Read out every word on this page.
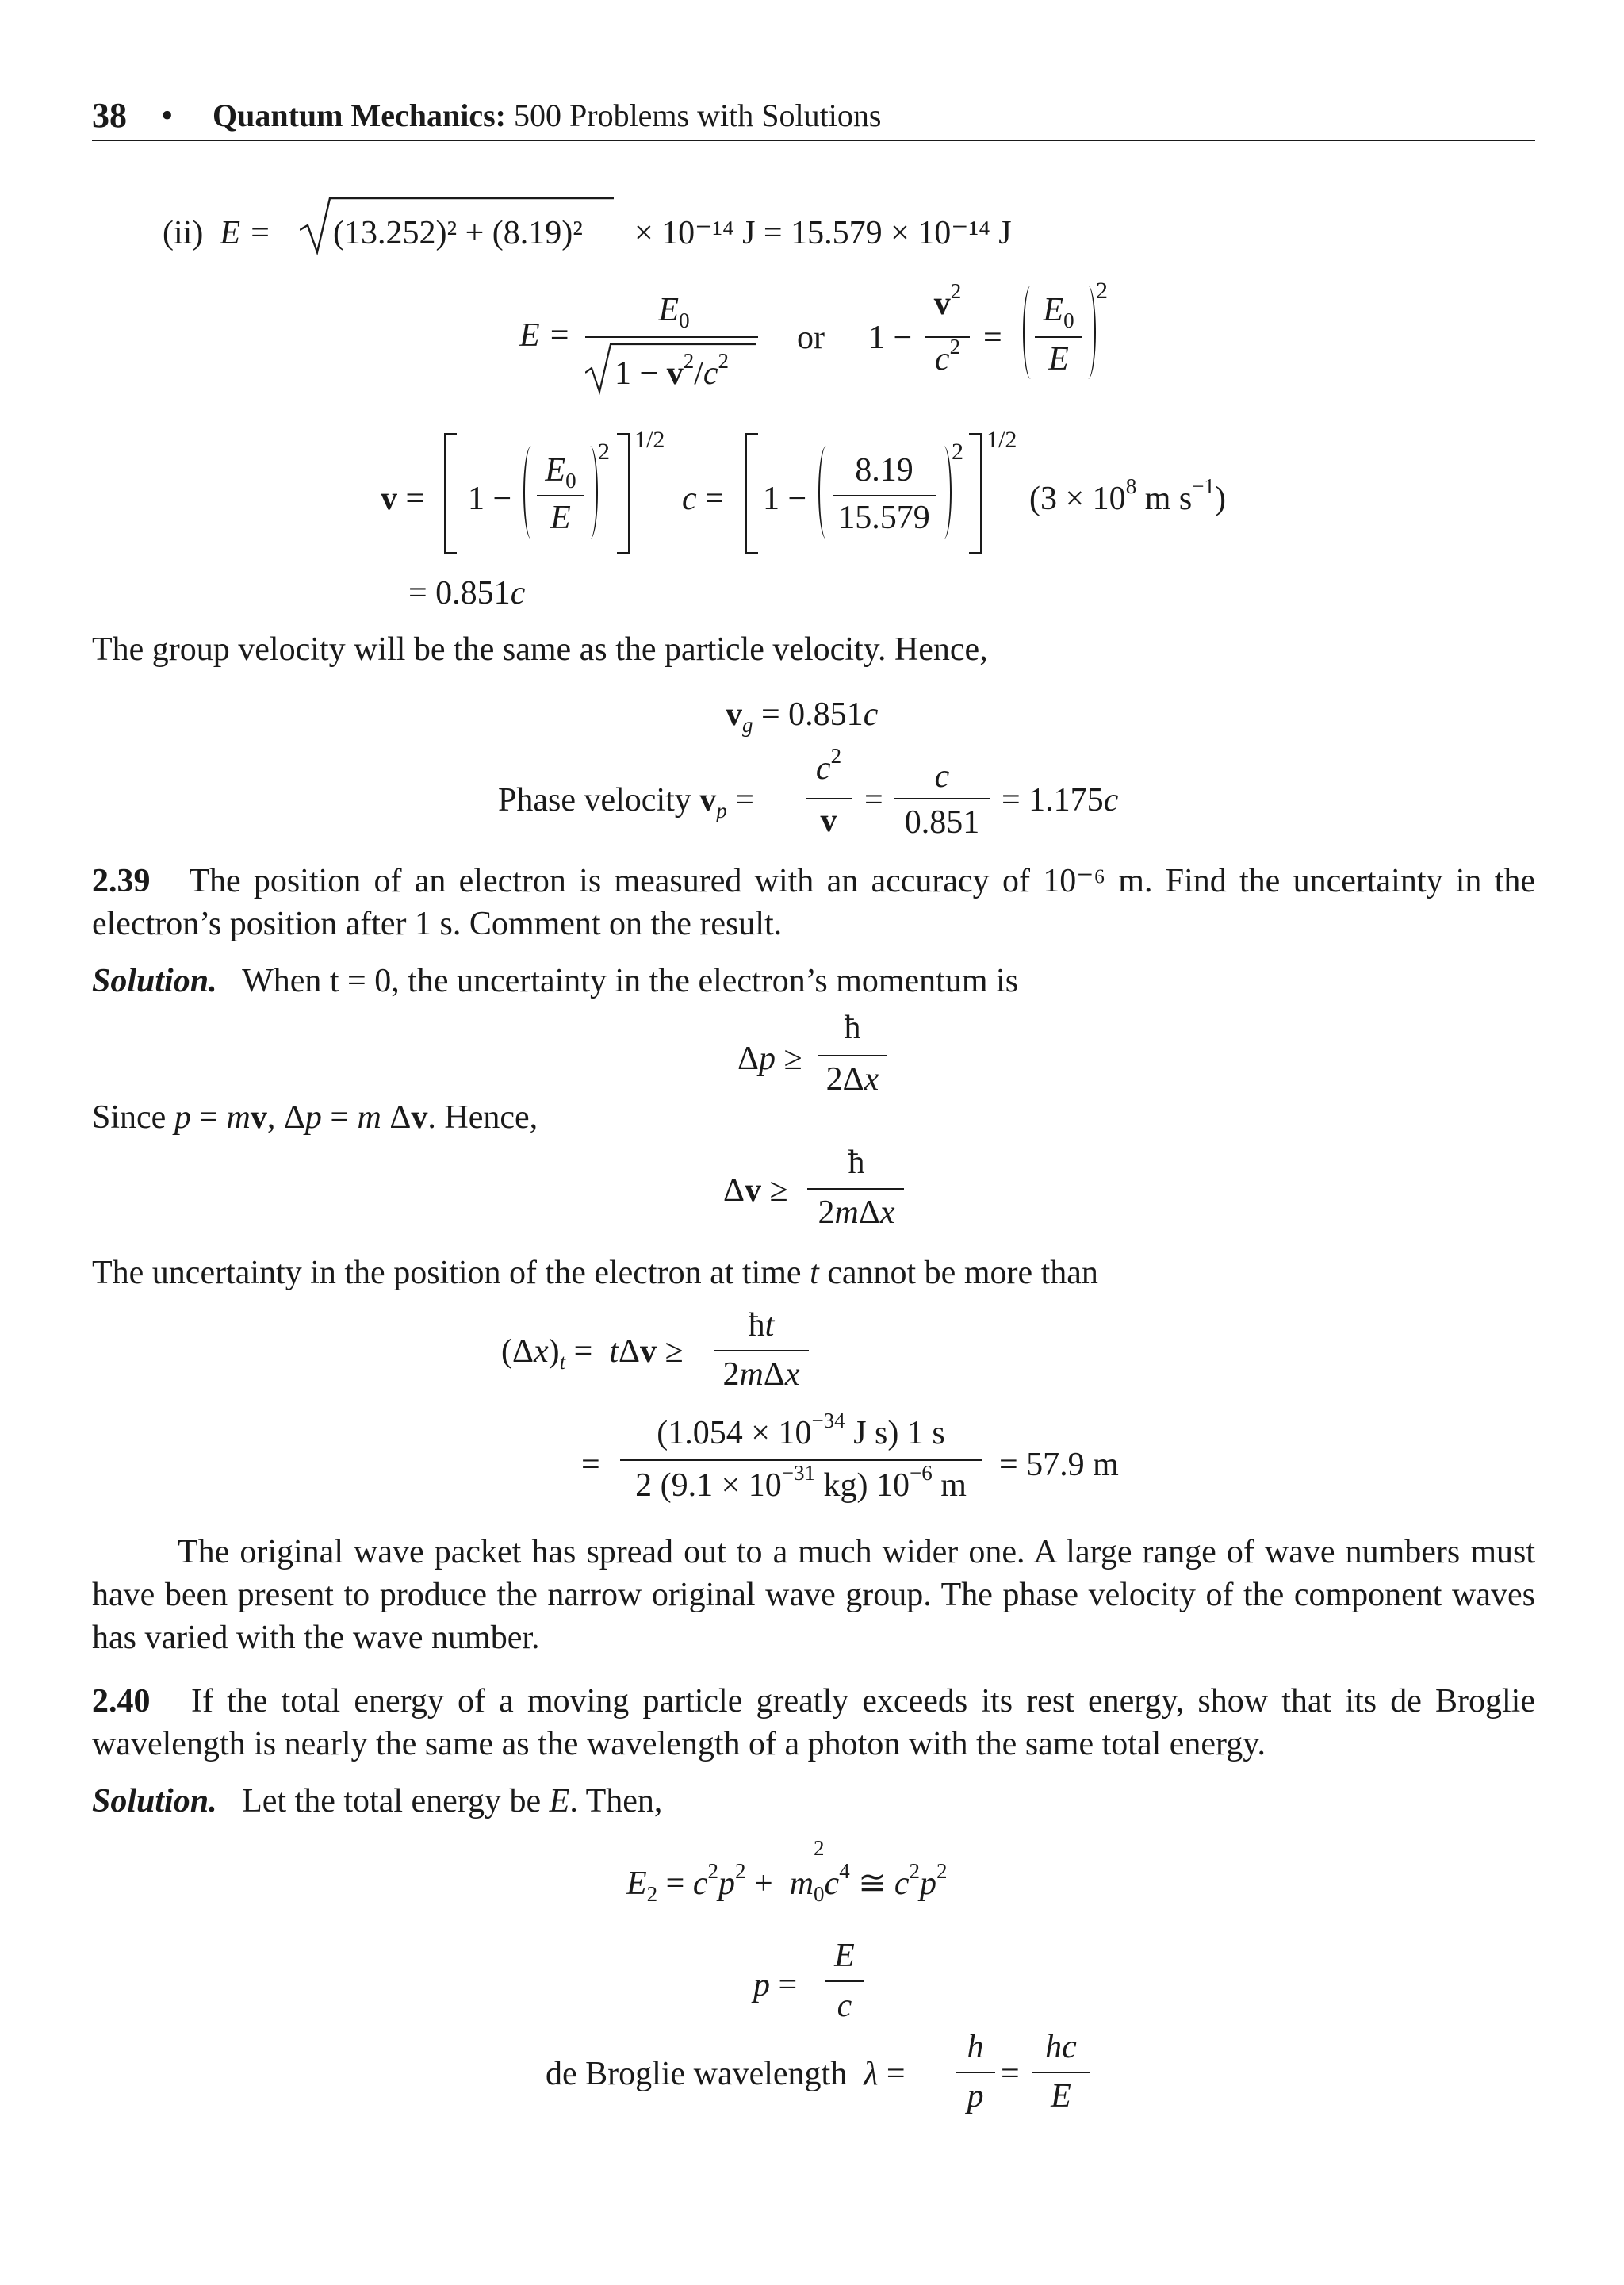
38 • Quantum Mechanics: 500 Problems with Solutions
(ii) E = (13.252)² + (8.19)² × 10⁻¹⁴ J = 15.579 × 10⁻¹⁴ J
E =
$E_0$
$1 - v^2/c^2$
or 1 −
$v^2$
$c^2$ =
$E_0$
E
2
v = 1 −
$E_0$
E
2 1/2
c = 1 −
8.19
15.579
2 1/2
($3 \times 10^8$ m $s^{-1}$)
= 0.851c
The group velocity will be the same as the particle velocity. Hence,
$v_g = 0.851c$
Phase velocity $v_p$ =
$c^2$
v
=
c
0.851
= 1.175c
2.39 The position of an electron is measured with an accuracy of 10⁻⁶ m. Find the uncertainty in the electron’s position after 1 s. Comment on the result.
Solution. When t = 0, the uncertainty in the electron’s momentum is
Δp ≥
ħ
2Δx
Since p = mv, Δp = m Δv. Hence,
Δv ≥
ħ
2mΔx
The uncertainty in the position of the electron at time t cannot be more than
$(\Delta x)_t = t\Delta v$ ≥
ħt
2mΔx
=
($1.054 \times 10^{-34}$ J s) 1 s
2 ($9.1 \times 10^{-31}$ kg) $10^{-6}$ m
= 57.9 m
The original wave packet has spread out to a much wider one. A large range of wave numbers must have been present to produce the narrow original wave group. The phase velocity of the component waves has varied with the wave number.
2.40 If the total energy of a moving particle greatly exceeds its rest energy, show that its de Broglie wavelength is nearly the same as the wavelength of a photon with the same total energy.
Solution.   Let the total energy be E. Then,
$E_2 = c^2p^2 + m$
2
$_0c^4$ ≅ $c^2p^2$
p =
E
c
de Broglie wavelength λ =
h
p
=
hc
E
